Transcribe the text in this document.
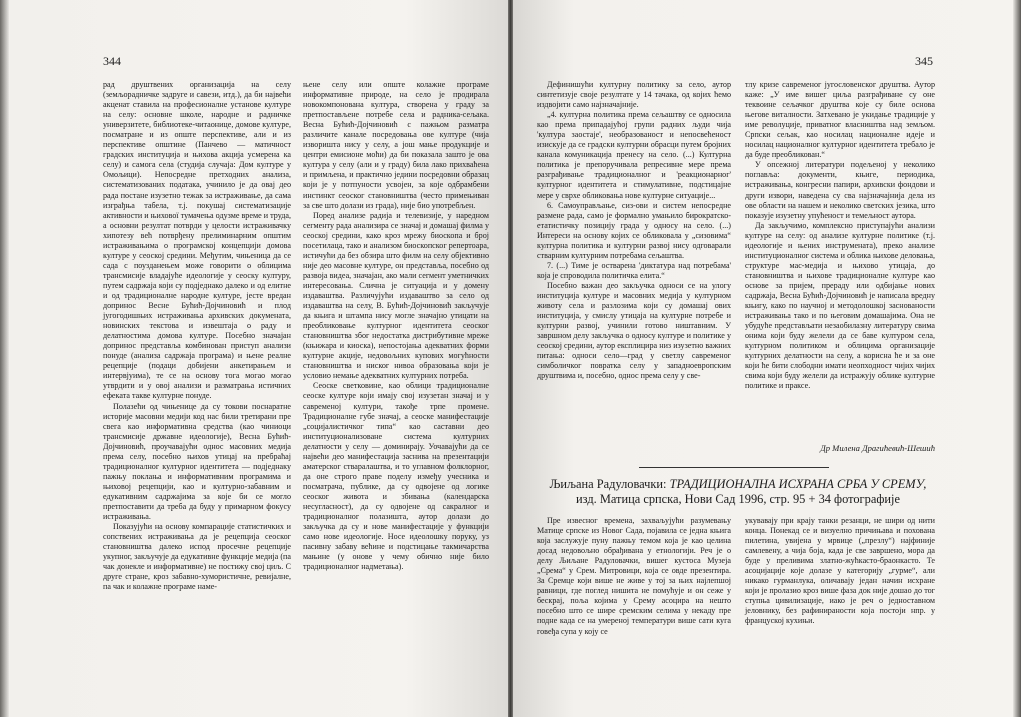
344

рад друштвених организација на селу (земљорадничке задруге и савези, итд.), да би највећи акценат ставила на професионалне установе културе на селу: основне школе, народне и радничке универзитете, библиотеке-читаонице, домове културе, посматране и из опште перспективе, али и из перспективе општине (Панчево — матичност градских институција и њихова акција усмерена ка селу) и самога села (студија случаја: Дом културе у Омољици). Непосредне претходних анализа, систематизованих података, учинило је да овај део рада постане изузетно тежак за истраживање, да сама изграђња табела, т.ј. покушај систематизације активности и њихової тумачења одузме време и труда, а основни резултат потврди у целости истраживачку хипотезу већ потврђену прелиминарним општим истраживањима о програмској концепцији домова културе у сеоској средини. Међутим, чињеница да се сада с поузданењем може говорити о облицима трансмисије владајуће идеологије у сеоску културу, путем садржаја који су подједнако далеко и од елитне и од традиционалне народне културе, јесте вредан допринос Весне Бућић-Дојчиновић и плод југогодишњих истраживања архивских докумената, новинских текстова и извештаја о раду и делатностима домова културе. Посебно значајан допринос представља комбинован приступ анализи понуде (анализа садржаја програма) и њене реалне рецепције (подаци добијени анкетирањем и интервјуима), те се на основу тога могао могао утврдити и у овој анализи и разматрања истичних ефеката такве културне понуде.

Полазећи од чињенице да су токови поснаратне историје масовни медији код нас били третирани пре свега као информативна средства (као чиниоци трансмисије државне идеологије), Весна Бућић-Дојчиновић, проучавајући однос масовних медија према селу, посебно њихов утицај на пребраћај традиционалног културног идентитета — подједнаку пажњу поклања и информативним програмима и њиховој рецепцији, као и културно-забавним и едукативним садржајима за које би се могло претпоставити да треба да буду у примарном фокусу истраживања.

Показујући на основу компарације статистичких и сопствених истраживања да је рецепција сеоског становништва далеко испод просечне рецепције укупног, закључује да едукативне функције медија (па чак донекле и информативне) не постижу свој циљ. С друге стране, кроз забавно-хумористичне, ревијалне, па чак и колажне програме наме-

њене селу или опште колажне програме информативне природе, на село је продирала новокомпонована култура, створена у граду за претпостављене потребе села и радника-сељака. Весна Бућић-Дојчиновић с пажњом разматра различите канале посредовања ове културе (чија изворишта нису у селу, а још мање продукције и центри емисионе моћи) да би показала зашто је ова култура у селу (али и у граду) била лако прихваћена и примљена, и практично једини посредовни образац који је у потпуности усвојен, за које одбрамбени инстинкт сеоског становништва (често примењиван за све што долази из града), није био употребљен.

Поред анализе радија и телевизије, у наредном сегменту рада анализира се значај и домашај филма у сеоској средини, како кроз мрежу биоскопа и број посетилаца, тако и анализом биоскопског репертоара, истичући да без обзира што филм на селу објективно није део масовне културе, он представља, посебно од развоја видеа, значајан, ако мали сегмент уметничких интересовања. Слична је ситуација и у домену издаваштва. Различујући издаваштво за село од издаваштва на селу, В. Бућић-Дојчиновић закључује да књига и штампа нису могле значајно утицати на преобликовање културног идентитета сеоског становништва због недостатка дистрибутивне мреже (књижара и киоска), непостојања адекватних форми културне акције, недовољних купових могућности становништва и ниског нивоа образовања који је условио немање адекватних културних потреба.

Сеоске светковине, као облици традиционалне сеоске културе који имају свој изузетан значај и у савременој култури, такође трпе промене. Традиционалне губе значај, а сеоске манифестације „социјалистичког типа“ као саставни део институционализоване система културних делатности у селу — доминирају. Уочавајући да се највећи део манифестација заснива на презентацији аматерског стваралаштва, и то углавном фолклорног, да оне строго праве поделу између учесника и посматрача, публике, да су одвојене од логике сеоског живота и збивања (календарска несугласност), да су одвојене од сакралног и традиционалног полазишта, аутор долази до закључка да су и нове манифестације у функцији само нове идеологије. Носе идеолошку поруку, уз пасивну забаву већине и подстицање такмичарства мањине (у онове у чему обично није било традиционалног надметања).

345

Дефинишући културну политику за село, аутор синтетизује своје резултате у 14 тачака, од којих ћемо издвојити само најзначајније.

„4. културна политика према сељаштву се односила као према припадајућој групи радних људи чија 'култура заостаје', необразованост и непосвећеност изискује да се градски културни обрасци путем бројних канала комуникација пренесу на село. (...) Културна политика је препоручивала репресивне мере према разграђивање традиционалног и 'реакционарног' културног идентитета и стимулативне, подстицајне мере у сврхе обликовања нове културне ситуације...

6. Самоуправљање, сиз-ови и систем непосредне размене рада, само је формално умањило бирократско-етатистичку позицију града у односу на село. (...) Интереси на основу којих се обликовала у „сизовима“ културна политика и културни развој нису одговарали стварним културним потребама сељаштва.

7. (...) Тиме је остварена 'диктатура над потребама' која је спроводила политичка елита.“

Посебно важан део закључка односи се на улогу институција културе и масовних медија у културном животу села и разлозима који су домашај ових институција, у смислу утицаја на културне потребе и културни развој, учинили готово ништавним. У завршном делу закључка о односу културе и политике у сеоској средини, аутор експлицира низ изузетно важних питања: односи село—град у светлу савременог симболичког повратка селу у западноевропским друштвима и, посебно, однос према селу у све-

тлу кризе савременог југословенског друштва. Аутор каже: „У име вишег циља разграђиване су оне теквоине сељачког друштва које су биле основа његове виталности. Затхевано је укидање традиције у име револуције, приватног власништва над земљом. Српски сељак, као носилац националне идеје и носилац националног културног идентитета требало је да буде преобликован.“

У опсежној литератури подељеној у неколико поглавља: документи, књиге, периодика, истраживања, конгресни папири, архивски фондови и други извори, наведена су сва најзначајнија дела из ове области на нашем и неколико светских језика, што показује изузетну упућеност и темељност аутора.

Да закључимо, комплексно приступајући анализи културе на селу: од анализе културне политике (т.ј. идеологије и њених инструмената), преко анализе институционалног система и облика њихове деловања, структуре мас-медија и њихово утицаја, до становништва и њихове традиционалне културе као основе за пријем, прераду или одбијање нових садржаја, Весна Бућић-Дојчиновић је написала вредну књигу, како по научној и методолошкој заснованости истраживања тако и по његовим домашајима. Она не убудуће представљати незаобилазну литературу свима онима који буду желели да се баве културом села, културном политиком и облицима организације културних делатности на селу, а корисна ће и за оне који ће бити слободни имати неопходност чијих чијих свима који буду желели да истражују облике културне политике и праксе.

Др Милена Драгићевић-Шешић
Љиљана Радуловачки: ТРАДИЦИОНАЛНА ИСХРАНА СРБА У СРЕМУ,
изд. Матица српска, Нови Сад 1996, стр. 95 + 34 фотографије

Пре извесног времена, захваљујући разумевању Матице српске из Новог Сада, појавила се једна књига која заслужује пуну пажњу темом која је као целина досад недовољно обрађивана у етнологији. Реч је о делу Љиљане Радуловачки, вишег кустоса Музеја „Срема“ у Срем. Митровици, која се овде презентира. За Сремце који више не живе у тој за њих најлепшој равници, где поглед нишита не помућује и он сеже у бескрај, поља којима у Срему асоцира на нешто посебно што се шире сремским селима у некаду пре подне када се на умереној температури више сати куга говеђа супа у коју се

укувавају при крају танки резанци, не шири од нити конца. Понекад се и визуелно причињава и похована пилетина, увијена у мрвице („презлу“) најфиније самлевену, а чија боја, када је све завршено, мора да буде у преливима златно-жућкасто-браонкасто. Те асоцијације које долазе у категорију „гурме“, али никако гурманлука, оличавају један начин исхране који је пролазио кроз више фаза док није дошао до тог ступња цивилизације, иако је реч о једноставном јеловнику, без рафинираности која постоји нпр. у француској кухињи.
